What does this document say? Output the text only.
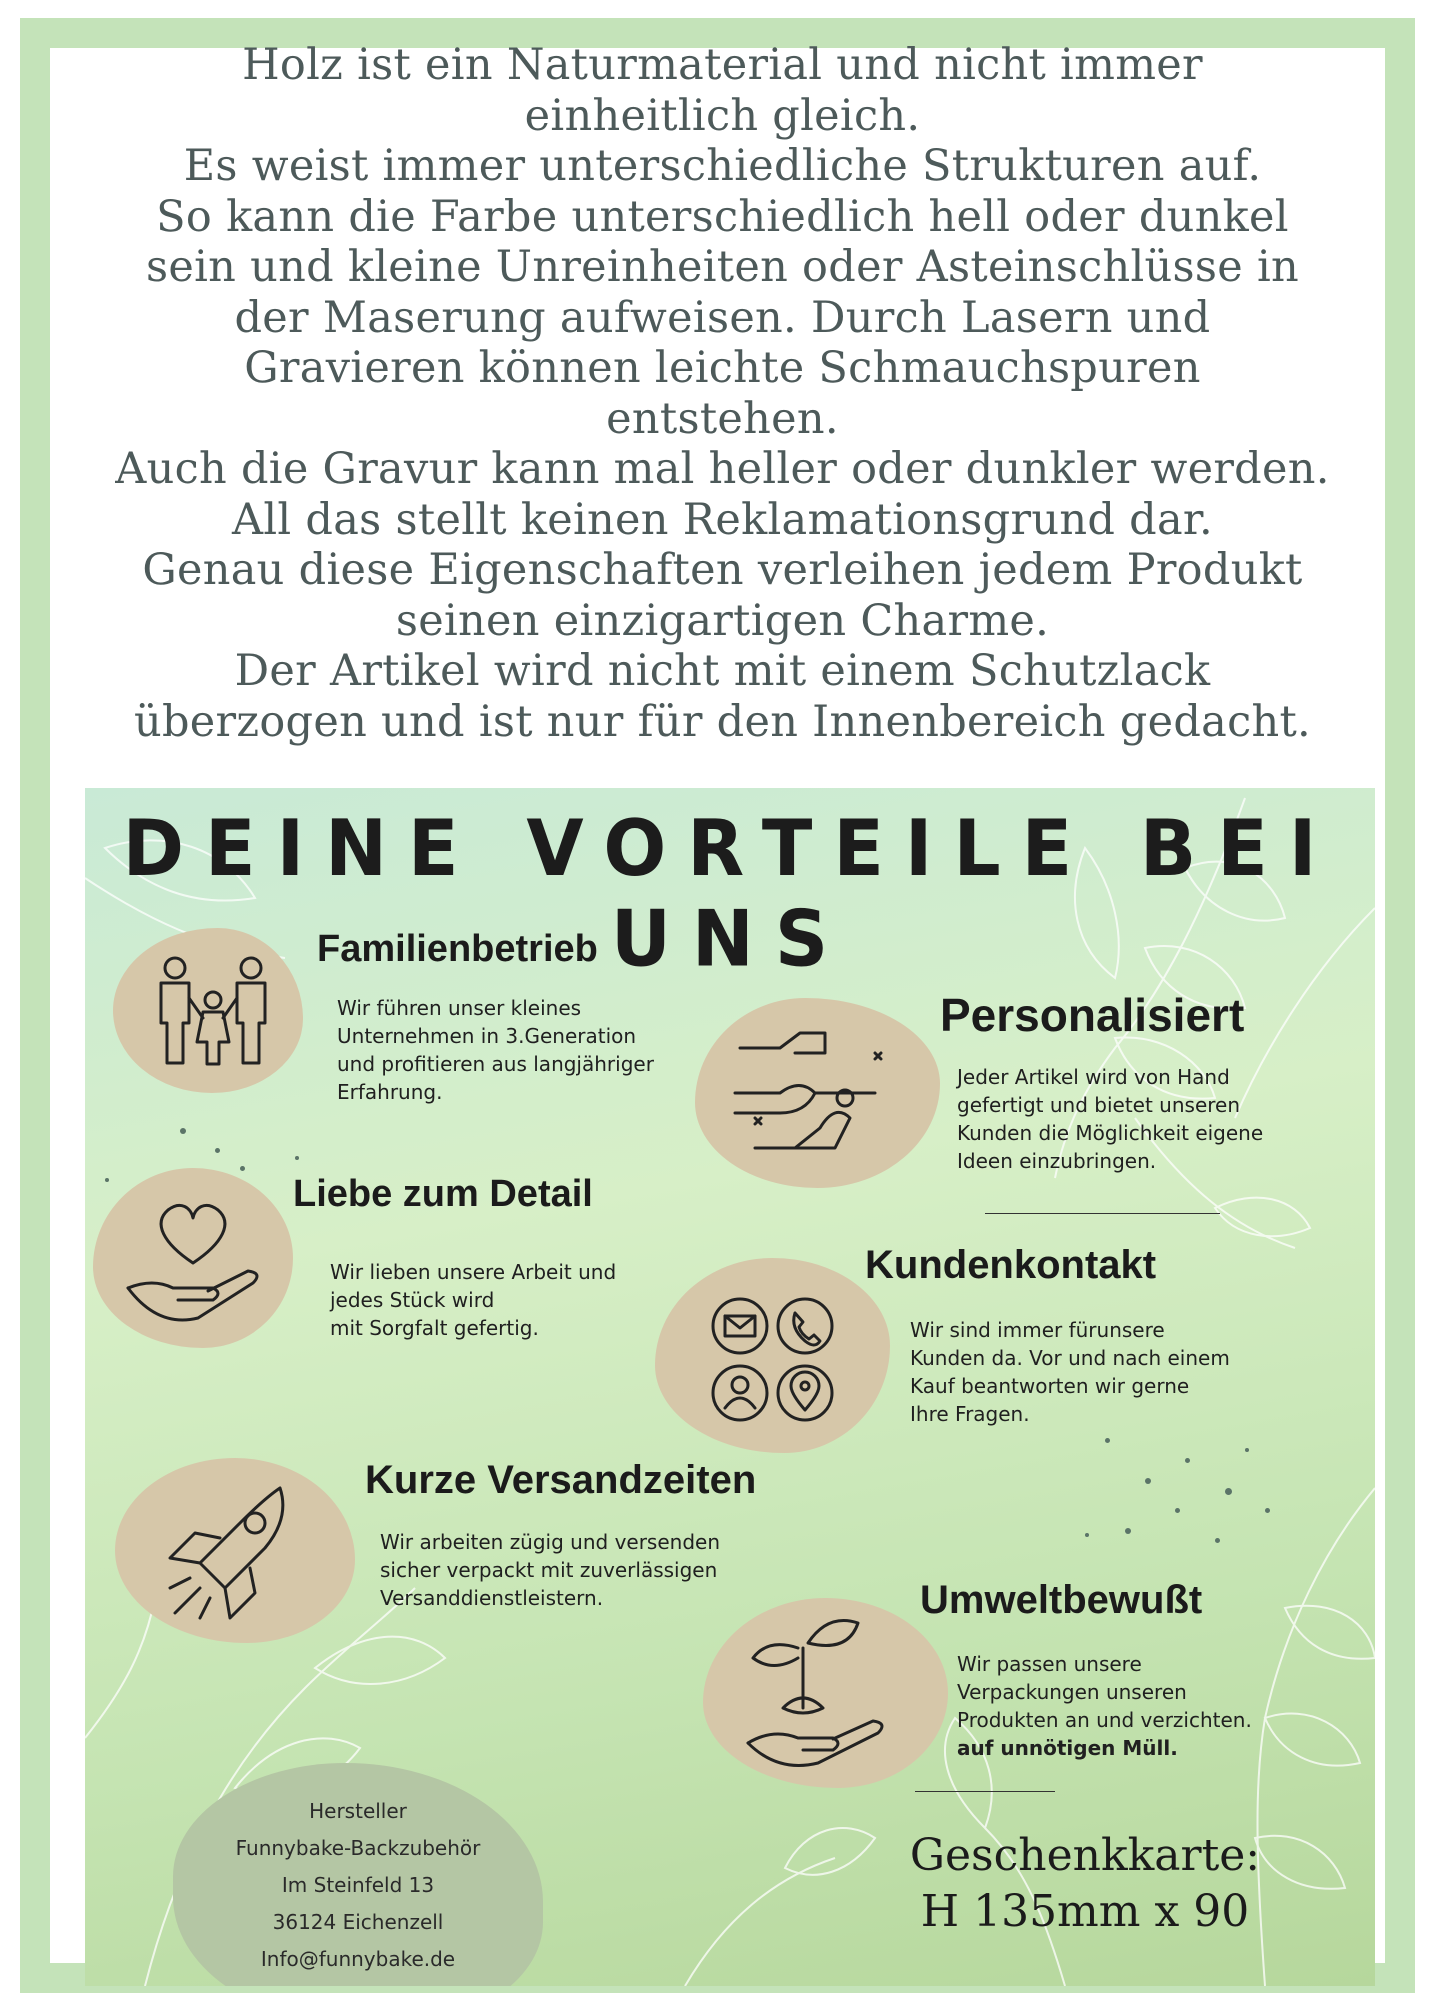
Holz ist ein Naturmaterial und nicht immer
einheitlich gleich.
Es weist immer unterschiedliche Strukturen auf.
So kann die Farbe unterschiedlich hell oder dunkel
sein und kleine Unreinheiten oder Asteinschlüsse in
der Maserung aufweisen. Durch Lasern und
Gravieren können leichte Schmauchspuren
entstehen.
Auch die Gravur kann mal heller oder dunkler werden.
All das stellt keinen Reklamationsgrund dar.
Genau diese Eigenschaften verleihen jedem Produkt
seinen einzigartigen Charme.
Der Artikel wird nicht mit einem Schutzlack
überzogen und ist nur für den Innenbereich gedacht.
DEINE VORTEILE BEI UNS
Familienbetrieb
Wir führen unser kleines
Unternehmen in 3.Generation
und profitieren aus langjähriger
Erfahrung.
Personalisiert
Jeder Artikel wird von Hand
gefertigt und bietet unseren
Kunden die Möglichkeit eigene
Ideen einzubringen.
Liebe zum Detail
Wir lieben unsere Arbeit und
jedes Stück wird
mit Sorgfalt gefertig.
Kundenkontakt
Wir sind immer fürunsere
Kunden da. Vor und nach einem
Kauf beantworten wir gerne
Ihre Fragen.
Kurze Versandzeiten
Wir arbeiten zügig und versenden
sicher verpackt mit zuverlässigen
Versanddienstleistern.	Umweltbewußt
Wir passen unsere
Verpackungen unseren
Produkten an und verzichten.
auf unnötigen Müll.
Hersteller
Funnybake-Backzubehör
Im Steinfeld 13
36124 Eichenzell
Info@funnybake.de
Geschenkkarte:
H 135mm x 90
